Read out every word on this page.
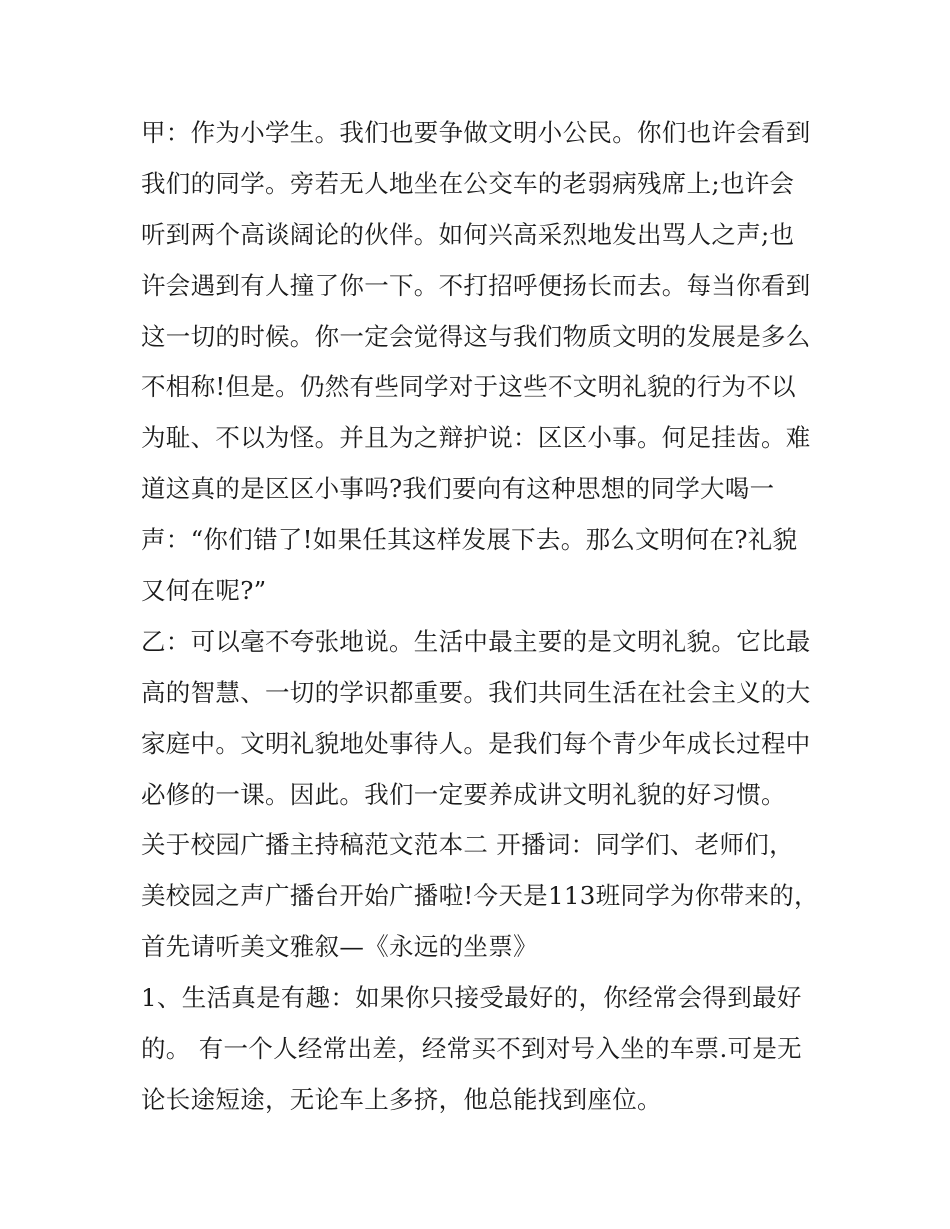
甲：作为小学生。我们也要争做文明小公民。你们也许会看到
我们的同学。旁若无人地坐在公交车的老弱病残席上;也许会
听到两个高谈阔论的伙伴。如何兴高采烈地发出骂人之声;也
许会遇到有人撞了你一下。不打招呼便扬长而去。每当你看到
这一切的时候。你一定会觉得这与我们物质文明的发展是多么
不相称!但是。仍然有些同学对于这些不文明礼貌的行为不以
为耻、不以为怪。并且为之辩护说：区区小事。何足挂齿。难
道这真的是区区小事吗?我们要向有这种思想的同学大喝一
声：“你们错了!如果任其这样发展下去。那么文明何在?礼貌
又何在呢?”
乙：可以毫不夸张地说。生活中最主要的是文明礼貌。它比最
高的智慧、一切的学识都重要。我们共同生活在社会主义的大
家庭中。文明礼貌地处事待人。是我们每个青少年成长过程中
必修的一课。因此。我们一定要养成讲文明礼貌的好习惯。
关于校园广播主持稿范文范本二 开播词：同学们、老师们，
美校园之声广播台开始广播啦!今天是113班同学为你带来的，
首先请听美文雅叙—《永远的坐票》
1、生活真是有趣：如果你只接受最好的，你经常会得到最好
的。 有一个人经常出差，经常买不到对号入坐的车票.可是无
论长途短途，无论车上多挤，他总能找到座位。
